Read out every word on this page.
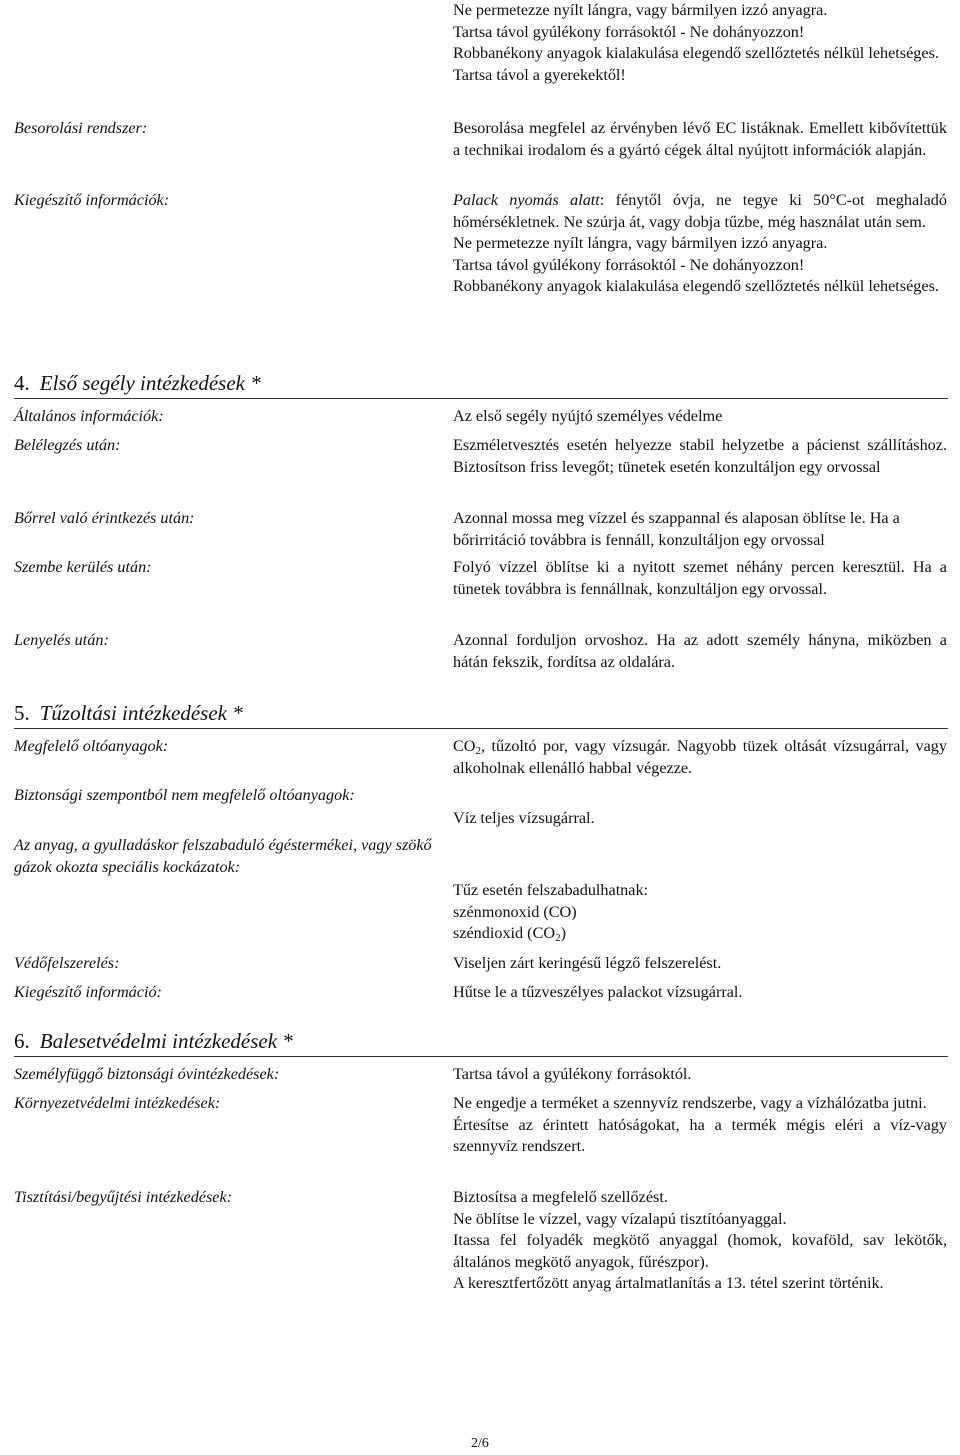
Ne permetezze nyílt lángra, vagy bármilyen izzó anyagra.
Tartsa távol gyúlékony forrásoktól - Ne dohányozzon!
Robbanékony anyagok kialakulása elegendő szellőztetés nélkül lehetséges.
Tartsa távol a gyerekektől!
Besorolási rendszer:	Besorolása megfelel az érvényben lévő EC listáknak. Emellett kibővítettük a technikai irodalom és a gyártó cégek által nyújtott információk alapján.
Kiegészítő információk:	Palack nyomás alatt: fénytől óvja, ne tegye ki 50°C-ot meghaladó hőmérsékletnek. Ne szúrja át, vagy dobja tűzbe, még használat után sem.
Ne permetezze nyílt lángra, vagy bármilyen izzó anyagra.
Tartsa távol gyúlékony forrásoktól - Ne dohányozzon!
Robbanékony anyagok kialakulása elegendő szellőztetés nélkül lehetséges.
4. Első segély intézkedések *
Általános információk:	Az első segély nyújtó személyes védelme
Belélegzés után:	Eszméletvesztés esetén helyezze stabil helyzetbe a pácienst szállításhoz. Biztosítson friss levegőt; tünetek esetén konzultáljon egy orvossal
Bőrrel való érintkezés után:	Azonnal mossa meg vízzel és szappannal és alaposan öblítse le. Ha a bőrirritáció továbbra is fennáll, konzultáljon egy orvossal
Szembe kerülés után:	Folyó vízzel öblítse ki a nyitott szemet néhány percen keresztül. Ha a tünetek továbbra is fennállnak, konzultáljon egy orvossal.
Lenyelés után:	Azonnal forduljon orvoshoz. Ha az adott személy hányna, miközben a hátán fekszik, fordítsa az oldalára.
5. Tűzoltási intézkedések *
Megfelelő oltóanyagok:	$CO_2$, tűzoltó por, vagy vízsugár. Nagyobb tüzek oltását vízsugárral, vagy alkoholnak ellenálló habbal végezze.
Biztonsági szempontból nem megfelelő oltóanyagok:
Víz teljes vízsugárral.
Az anyag, a gyulladáskor felszabaduló égéstermékei, vagy szökő gázok okozta speciális kockázatok:
Tűz esetén felszabadulhatnak:
szénmonoxid (CO)
széndioxid $(CO_2)$
Védőfelszerelés:	Viseljen zárt keringésű légző felszerelést.
Kiegészítő információ:	Hűtse le a tűzveszélyes palackot vízsugárral.
6. Balesetvédelmi intézkedések *
Személyfüggő biztonsági óvintézkedések:	Tartsa távol a gyúlékony forrásoktól.
Környezetvédelmi intézkedések:	Ne engedje a terméket a szennyvíz rendszerbe, vagy a vízhálózatba jutni.
Értesítse az érintett hatóságokat, ha a termék mégis eléri a víz-vagy szennyvíz rendszert.
Tisztítási/begyűjtési intézkedések:	Biztosítsa a megfelelő szellőzést.
Ne öblítse le vízzel, vagy vízalapú tisztítóanyaggal.
Itassa fel folyadék megkötő anyaggal (homok, kovaföld, sav lekötők, általános megkötő anyagok, fűrészpor).
A keresztfertőzött anyag ártalmatlanítás a 13. tétel szerint történik.
2/6
